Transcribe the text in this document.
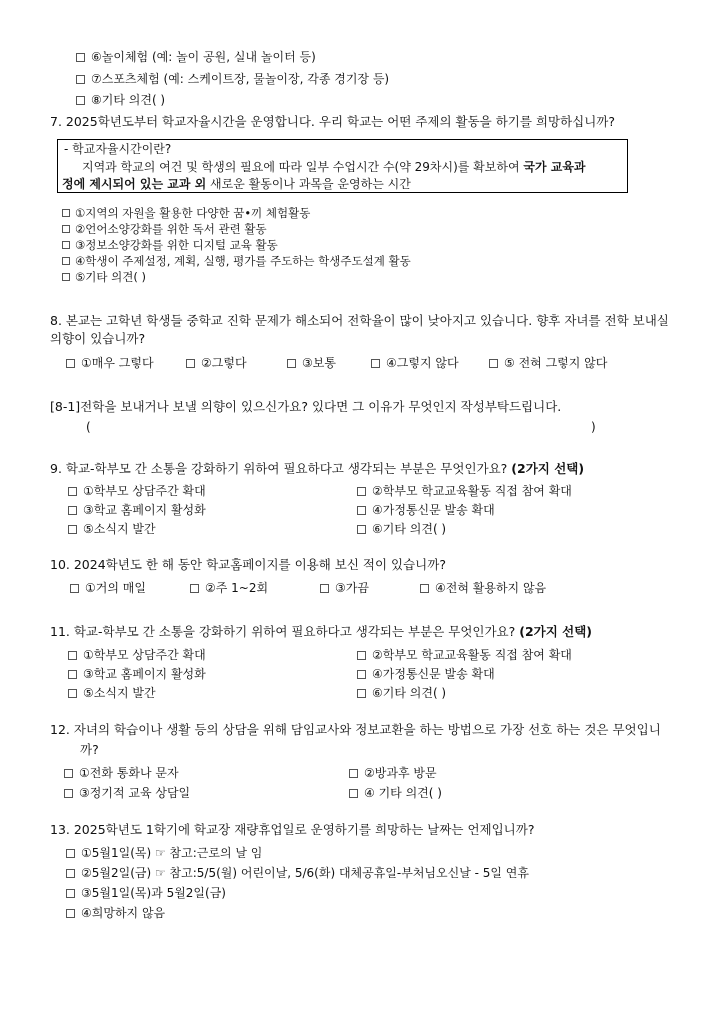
⑥놀이체험 (예: 놀이 공원, 실내 놀이터 등)
⑦스포츠체험 (예: 스케이트장, 물놀이장, 각종 경기장 등)
⑧기타 의견( )
7. 2025학년도부터 학교자율시간을 운영합니다. 우리 학교는 어떤 주제의 활동을 하기를 희망하십니까?
- 학교자율시간이란?
지역과 학교의 여건 및 학생의 필요에 따라 일부 수업시간 수(약 29차시)를 확보하여 국가 교육과
정에 제시되어 있는 교과 외 새로운 활동이나 과목을 운영하는 시간
①지역의 자원을 활용한 다양한 꿈•끼 체험활동
②언어소양강화를 위한 독서 관련 활동
③정보소양강화를 위한 디지털 교육 활동
④학생이 주제설정, 계획, 실행, 평가를 주도하는 학생주도설계 활동
⑤기타 의견( )
8. 본교는 고학년 학생들 중학교 진학 문제가 해소되어 전학율이 많이 낮아지고 있습니다. 향후 자녀를 전학 보내실
의향이 있습니까?
①매우 그렇다	②그렇다	③보통	④그렇지 않다	⑤ 전혀 그렇지 않다
[8-1]전학을 보내거나 보낼 의향이 있으신가요? 있다면 그 이유가 무엇인지 작성부탁드립니다.
(	)
9. 학교-학부모 간 소통을 강화하기 위하여 필요하다고 생각되는 부분은 무엇인가요? (2가지 선택)
①학부모 상담주간 확대	②학부모 학교교육활동 직접 참여 확대
③학교 홈페이지 활성화	④가정통신문 발송 확대
⑤소식지 발간	⑥기타 의견( )
10. 2024학년도 한 해 동안 학교홈페이지를 이용해 보신 적이 있습니까?
①거의 매일	②주 1~2회	③가끔	④전혀 활용하지 않음
11. 학교-학부모 간 소통을 강화하기 위하여 필요하다고 생각되는 부분은 무엇인가요? (2가지 선택)
①학부모 상담주간 확대	②학부모 학교교육활동 직접 참여 확대
③학교 홈페이지 활성화	④가정통신문 발송 확대
⑤소식지 발간	⑥기타 의견( )
12. 자녀의 학습이나 생활 등의 상담을 위해 담임교사와 정보교환을 하는 방법으로 가장 선호 하는 것은 무엇입니
까?
①전화 통화나 문자	②방과후 방문
③정기적 교육 상담일	④ 기타 의견( )
13. 2025학년도 1학기에 학교장 재량휴업일로 운영하기를 희망하는 날짜는 언제입니까?
①5월1일(목) ☞ 참고:근로의 날 임
②5월2일(금) ☞ 참고:5/5(월) 어린이날, 5/6(화) 대체공휴일-부처님오신날 - 5일 연휴
③5월1일(목)과 5월2일(금)
④희망하지 않음
